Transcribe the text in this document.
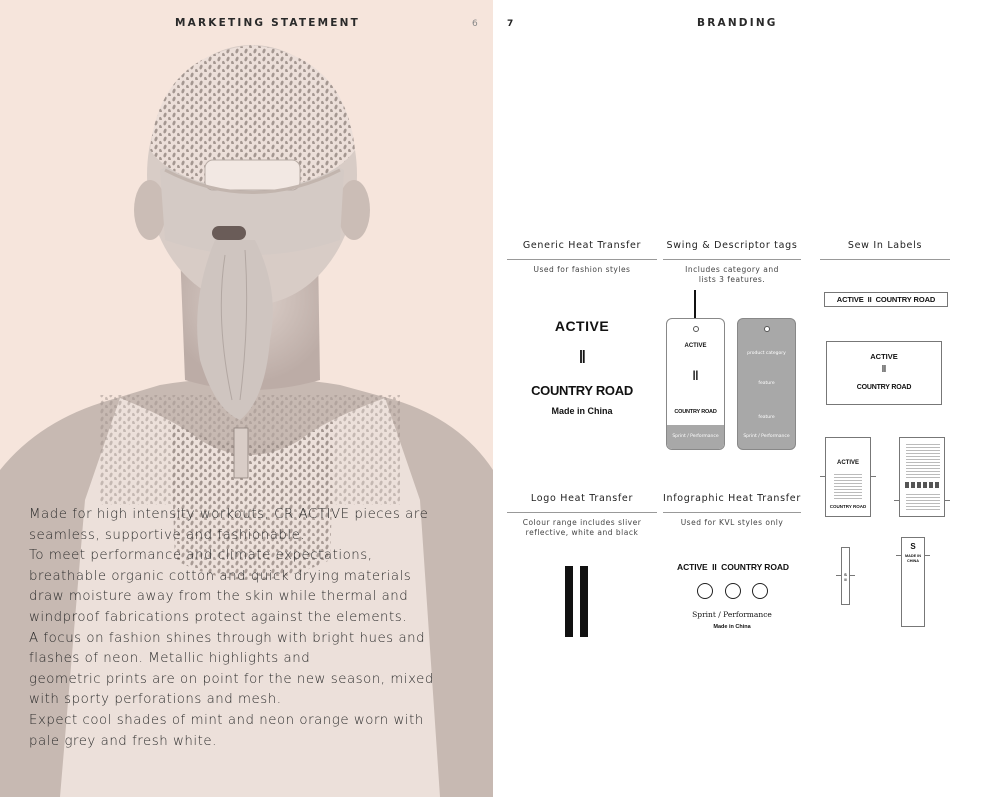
MARKETING STATEMENT	6

Made for high intensity workouts, CR ACTIVE pieces are

seamless, supportive and fashionable.

To meet performance and climate expectations,

breathable organic cotton and quick drying materials

draw moisture away from the skin while thermal and

windproof fabrications protect against the elements.

A focus on fashion shines through with bright hues and

flashes of neon. Metallic highlights and

geometric prints are on point for the new season, mixed

with sporty perforations and mesh.

Expect cool shades of mint and neon orange worn with

pale grey and fresh white.

7	BRANDING
Generic Heat Transfer
Used for fashion styles
ACTIVE
II
COUNTRY ROAD
Made in China
Swing & Descriptor tags
Includes category and
lists 3 features.
ACTIVE
II
COUNTRY ROAD
Sprint / Performance
product category
feature
feature
Sprint / Performance
Sew In Labels
ACTIVE  II  COUNTRY ROAD
ACTIVE
II
COUNTRY ROAD
ACTIVE
COUNTRY ROAD
S
II
S
MADE IN CHINA
Logo Heat Transfer
Colour range includes sliver
reflective, white and black
Infographic Heat Transfer
Used for KVL styles only
ACTIVE  II  COUNTRY ROAD
Sprint / Performance
Made in China
